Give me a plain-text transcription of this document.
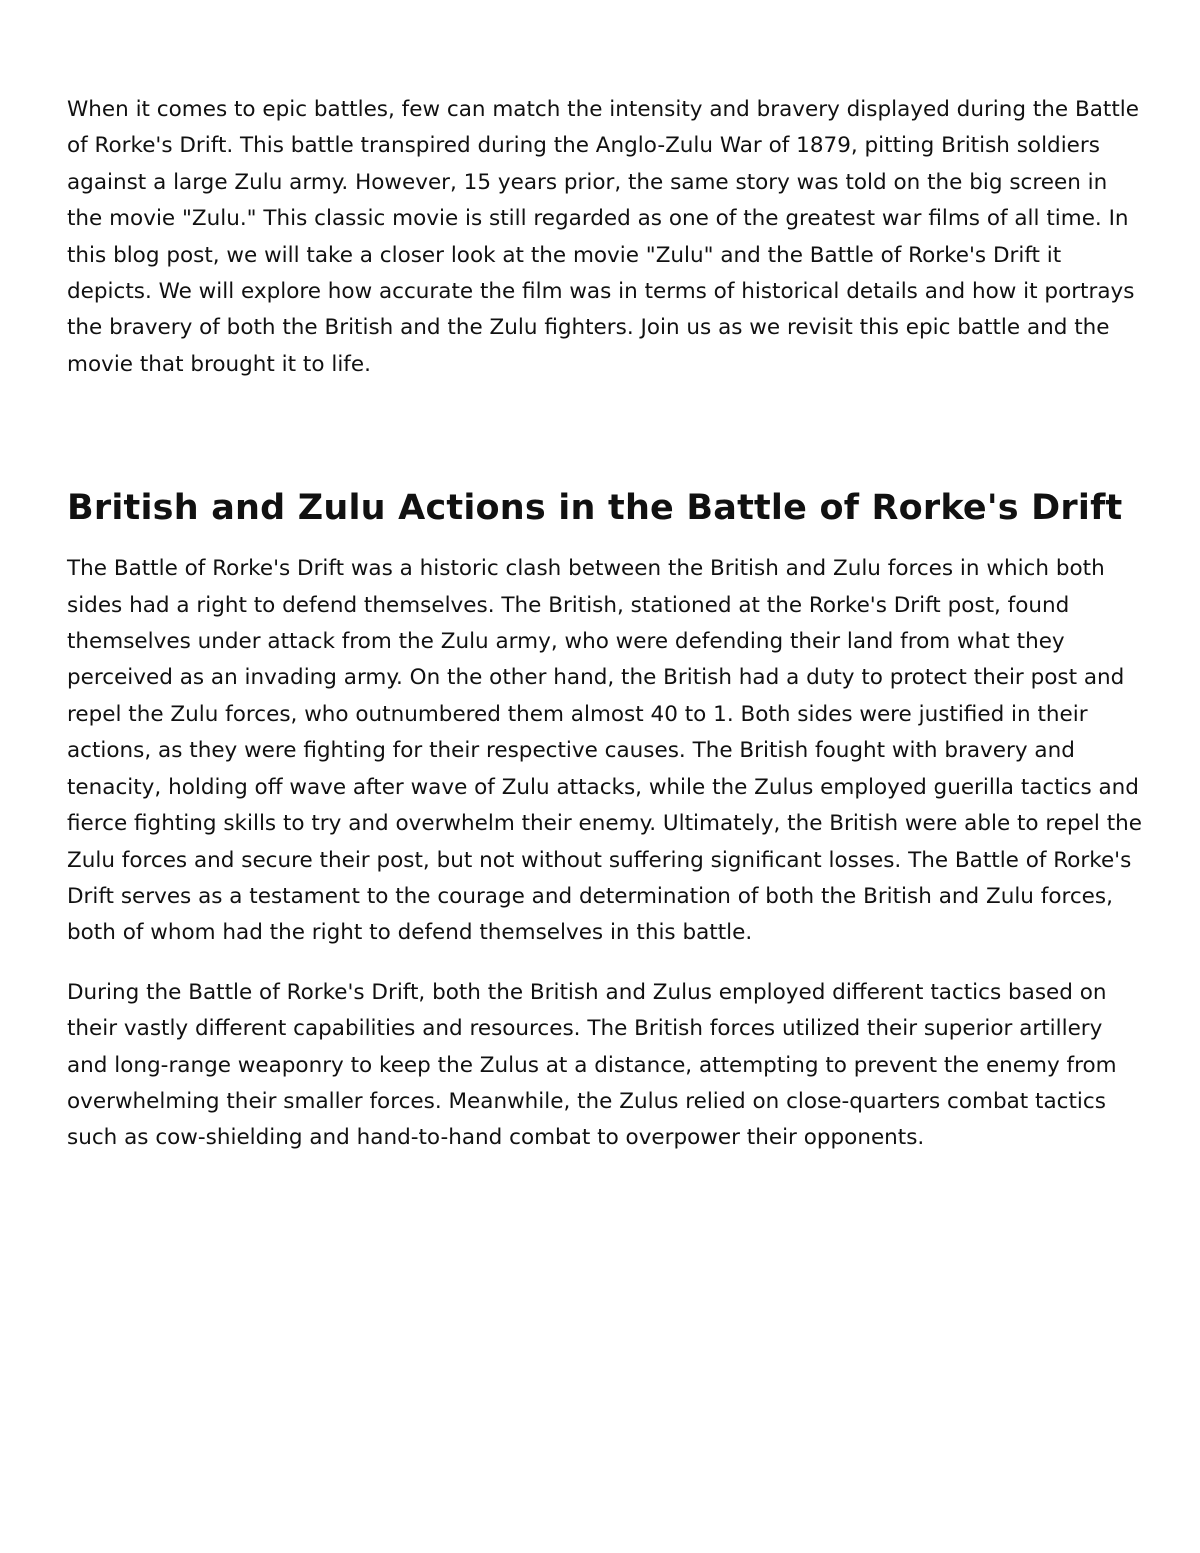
When it comes to epic battles, few can match the intensity and bravery displayed during the Battle of Rorke's Drift. This battle transpired during the Anglo-Zulu War of 1879, pitting British soldiers against a large Zulu army. However, 15 years prior, the same story was told on the big screen in the movie "Zulu." This classic movie is still regarded as one of the greatest war films of all time. In this blog post, we will take a closer look at the movie "Zulu" and the Battle of Rorke's Drift it depicts. We will explore how accurate the film was in terms of historical details and how it portrays the bravery of both the British and the Zulu fighters. Join us as we revisit this epic battle and the movie that brought it to life.

British and Zulu Actions in the Battle of Rorke's Drift

The Battle of Rorke's Drift was a historic clash between the British and Zulu forces in which both sides had a right to defend themselves. The British, stationed at the Rorke's Drift post, found themselves under attack from the Zulu army, who were defending their land from what they perceived as an invading army. On the other hand, the British had a duty to protect their post and repel the Zulu forces, who outnumbered them almost 40 to 1. Both sides were justified in their actions, as they were fighting for their respective causes. The British fought with bravery and tenacity, holding off wave after wave of Zulu attacks, while the Zulus employed guerilla tactics and fierce fighting skills to try and overwhelm their enemy. Ultimately, the British were able to repel the Zulu forces and secure their post, but not without suffering significant losses. The Battle of Rorke's Drift serves as a testament to the courage and determination of both the British and Zulu forces, both of whom had the right to defend themselves in this battle.

During the Battle of Rorke's Drift, both the British and Zulus employed different tactics based on their vastly different capabilities and resources. The British forces utilized their superior artillery and long-range weaponry to keep the Zulus at a distance, attempting to prevent the enemy from overwhelming their smaller forces. Meanwhile, the Zulus relied on close-quarters combat tactics such as cow-shielding and hand-to-hand combat to overpower their opponents.
